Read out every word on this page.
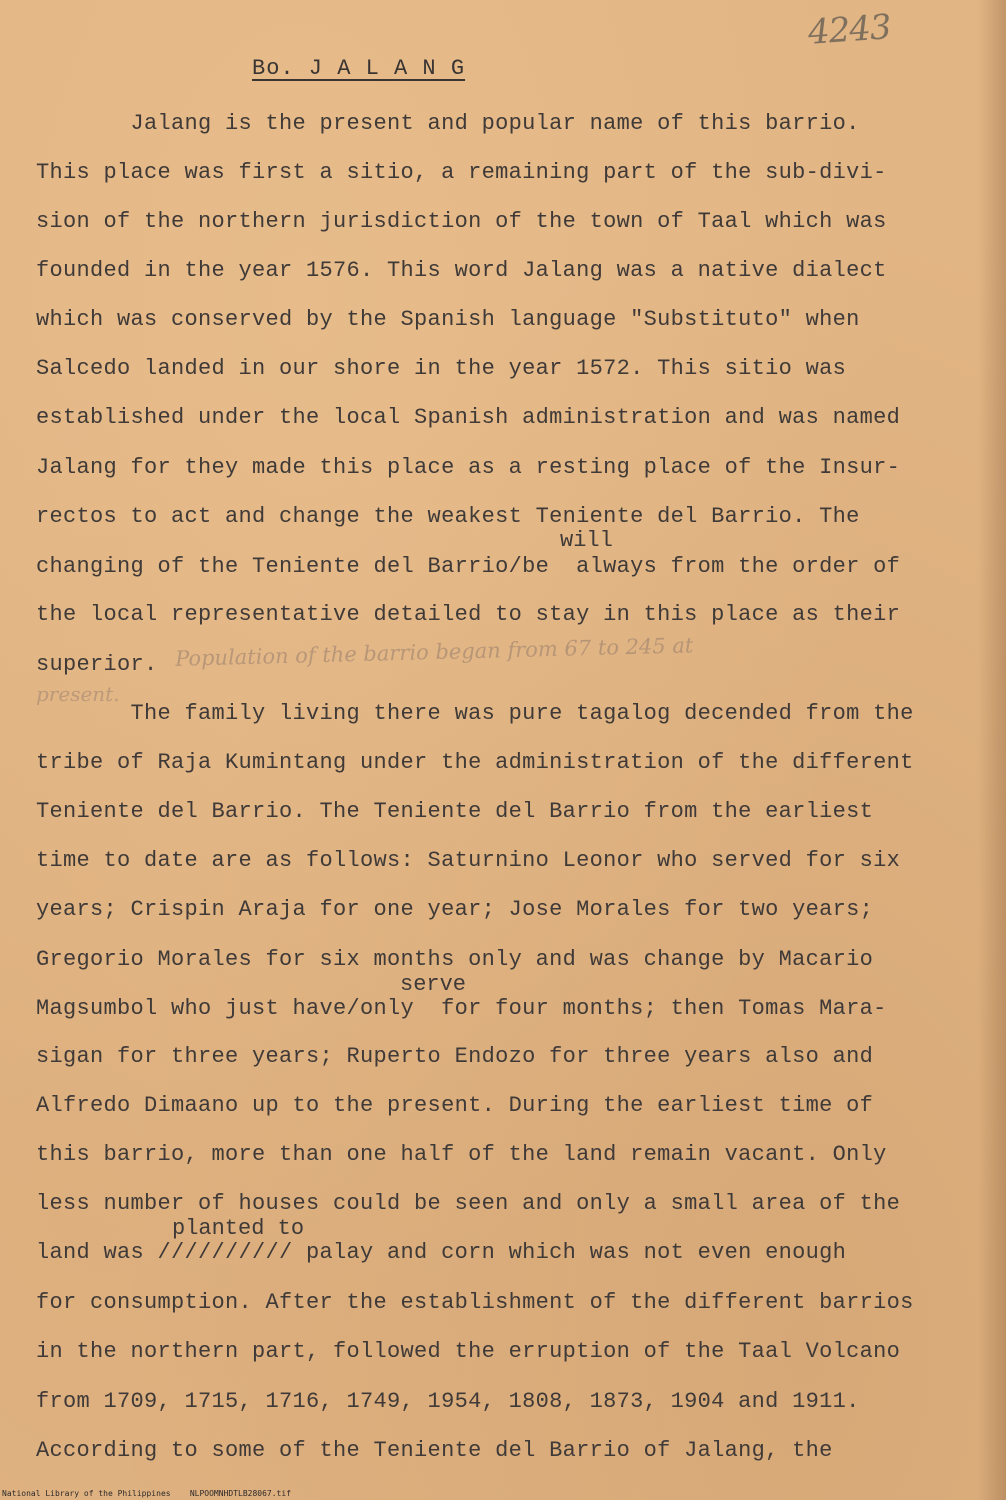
4243
Bo. J A L A N G
Jalang is the present and popular name of this barrio.
This place was first a sitio, a remaining part of the sub-divi-
sion of the northern jurisdiction of the town of Taal which was
founded in the year 1576. This word Jalang was a native dialect
which was conserved by the Spanish language "Substituto" when
Salcedo landed in our shore in the year 1572. This sitio was
established under the local Spanish administration and was named
Jalang for they made this place as a resting place of the Insur-
rectos to act and change the weakest Teniente del Barrio. The
will
changing of the Teniente del Barrio/be  always from the order of
the local representative detailed to stay in this place as their
superior. Population of the barrio began from 67 to 245 at
present.
The family living there was pure tagalog decended from the
tribe of Raja Kumintang under the administration of the different
Teniente del Barrio. The Teniente del Barrio from the earliest
time to date are as follows: Saturnino Leonor who served for six
years; Crispin Araja for one year; Jose Morales for two years;
Gregorio Morales for six months only and was change by Macario
serve
Magsumbol who just have/only  for four months; then Tomas Mara-
sigan for three years; Ruperto Endozo for three years also and
Alfredo Dimaano up to the present. During the earliest time of
this barrio, more than one half of the land remain vacant. Only
less number of houses could be seen and only a small area of the
planted to
land was ////////// palay and corn which was not even enough
for consumption. After the establishment of the different barrios
in the northern part, followed the erruption of the Taal Volcano
from 1709, 1715, 1716, 1749, 1954, 1808, 1873, 1904 and 1911.
According to some of the Teniente del Barrio of Jalang, the
National Library of the Philippines    NLPOOMNHDTLB28067.tif
